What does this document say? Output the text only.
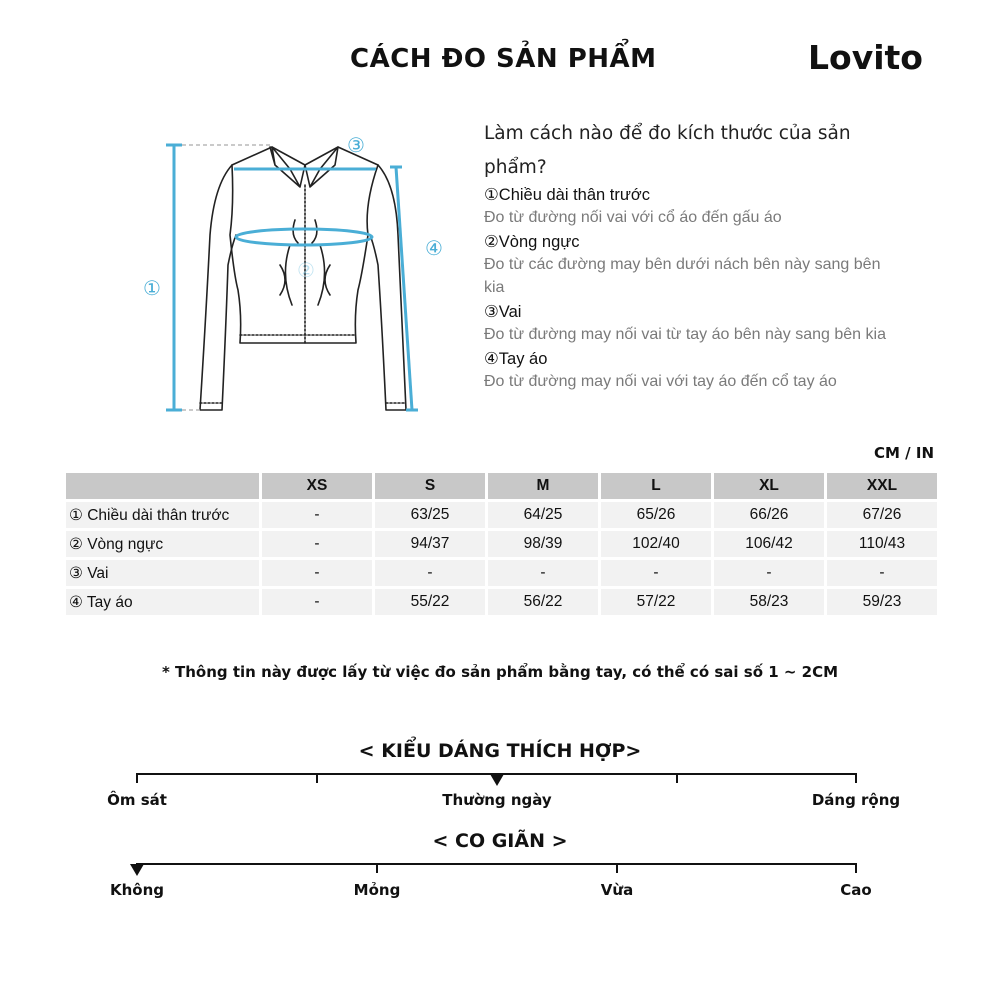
CÁCH ĐO SẢN PHẨM	Lovito
①
②
③
④
Làm cách nào để đo kích thước của sản phẩm?

①Chiều dài thân trước

Đo từ đường nối vai với cổ áo đến gấu áo

②Vòng ngực

Đo từ các đường may bên dưới nách bên này sang bên kia

③Vai

Đo từ đường may nối vai từ tay áo bên này sang bên kia

④Tay áo

Đo từ đường may nối vai với tay áo đến cổ tay áo

CM / IN
	XS	S	M	L	XL	XXL
① Chiều dài thân trước	-	63/25	64/25	65/26	66/26	67/26
② Vòng ngực	-	94/37	98/39	102/40	106/42	110/43
③ Vai	-	-	-	-	-	-
④ Tay áo	-	55/22	56/22	57/22	58/23	59/23
* Thông tin này được lấy từ việc đo sản phẩm bằng tay, có thể có sai số 1 ~ 2CM
< KIỂU DÁNG THÍCH HỢP>
Ôm sát	Thường ngày	Dáng rộng
< CO GIÃN >
Không	Mỏng	Vừa	Cao
